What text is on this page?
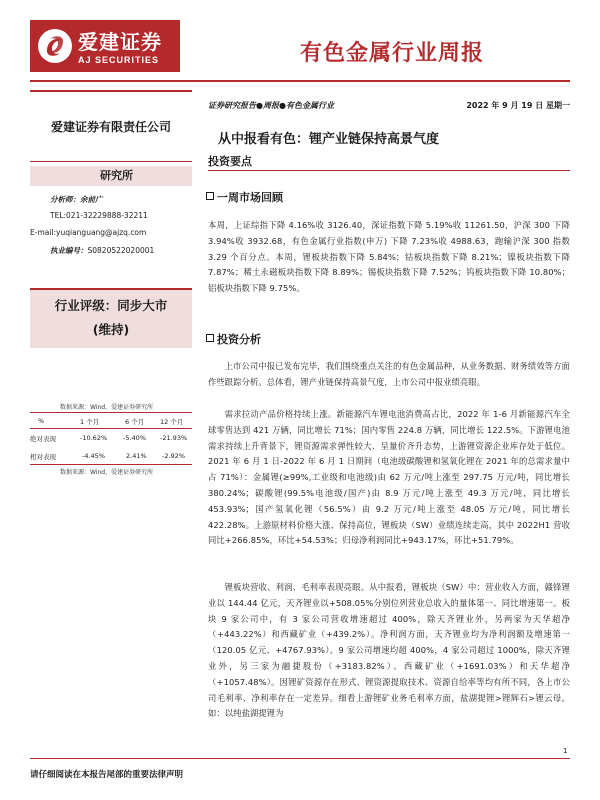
爱建证券
AJ SECURITIES	有色金属行业周报
爱建证券有限责任公司
研究所
分析师：余前广
TEL:021-32229888-32211
E-mail:yuqianguang@ajzq.com
执业编号：S0820522020001
行业评级：同步大市
(维持)
数据来源：Wind，爱建证券研究所
%	1 个月	6 个月 12 个月
绝对表现	-10.62% -5.40% -21.93%
相对表现	-4.45%	2.41% -2.92%
数据来源：Wind，爱建证券研究所
证券研究报告●周报●有色金属行业	2022 年 9 月 19 日 星期一
从中报看有色：锂产业链保持高景气度
投资要点
一周市场回顾
本周，上证综指下降 4.16%收 3126.40，深证指数下降 5.19%收 11261.50，沪深 300 下降 3.94%收 3932.68，有色金属行业指数(申万) 下降 7.23%收 4988.63，跑输沪深 300 指数 3.29 个百分点。本周，锂板块指数下降 5.84%；钴板块指数下降 8.21%；镍板块指数下降 7.87%；稀土永磁板块指数下降 8.89%；锡板块指数下降 7.52%；钨板块指数下降 10.80%；铝板块指数下降 9.75%。
投资分析
上市公司中报已发布完毕，我们围绕重点关注的有色金属品种，从业务数据、财务绩效等方面作些跟踪分析。总体看，锂产业链保持高景气度，上市公司中报业绩亮眼。
需求拉动产品价格持续上涨。新能源汽车锂电池消费高占比，2022 年 1-6 月新能源汽车全球零售达到 421 万辆，同比增长 71%；国内零售 224.8 万辆，同比增长 122.5%。下游锂电池需求持续上升背景下，锂资源需求弹性较大、呈量价齐升态势，上游锂资源企业库存处于低位。2021 年 6 月 1 日-2022 年 6 月 1 日期间（电池级碳酸锂和氢氧化锂在 2021 年的总需求量中占 71%）：金属锂(≥99%,工业级和电池级)由 62 万元/吨上涨至 297.75 万元/吨，同比增长 380.24%；碳酸锂(99.5%电池级/国产)由 8.9 万元/吨上涨至 49.3 万元/吨，同比增长 453.93%；国产氢氧化锂（56.5%）由 9.2 万元/吨上涨至 48.05 万元/吨，同比增长 422.28%。上游原材料价格大涨、保持高位，锂板块（SW）业绩连续走高，其中 2022H1 营收同比+266.85%，环比+54.53%；归母净利润同比+943.17%，环比+51.79%。
锂板块营收、利润、毛利率表现亮眼。从中报看，锂板块（SW）中：营业收入方面，赣锋锂业以 144.44 亿元，天齐锂业以+508.05%分别位列营业总收入的量体第一、同比增速第一。板块 9 家公司中，有 3 家公司营收增速超过 400%，除天齐锂业外，另两家为天华超净（+443.22%）和西藏矿业（+439.2%）。净利润方面，天齐锂业均为净利润额及增速第一（120.05 亿元、+4767.93%）。9 家公司增速均超 400%，4 家公司超过 1000%，除天齐锂业外，另三家为融捷股份（+3183.82%）、西藏矿业（+1691.03%）和天华超净（+1057.48%）。因锂矿资源存在形式、锂资源提取技术、资源自给率等均有所不同，各上市公司毛利率、净利率存在一定差异。细看上游锂矿业务毛利率方面，盐湖提锂>锂辉石>锂云母。如：以纯盐湖提锂为
请仔细阅读在本报告尾部的重要法律声明
1
